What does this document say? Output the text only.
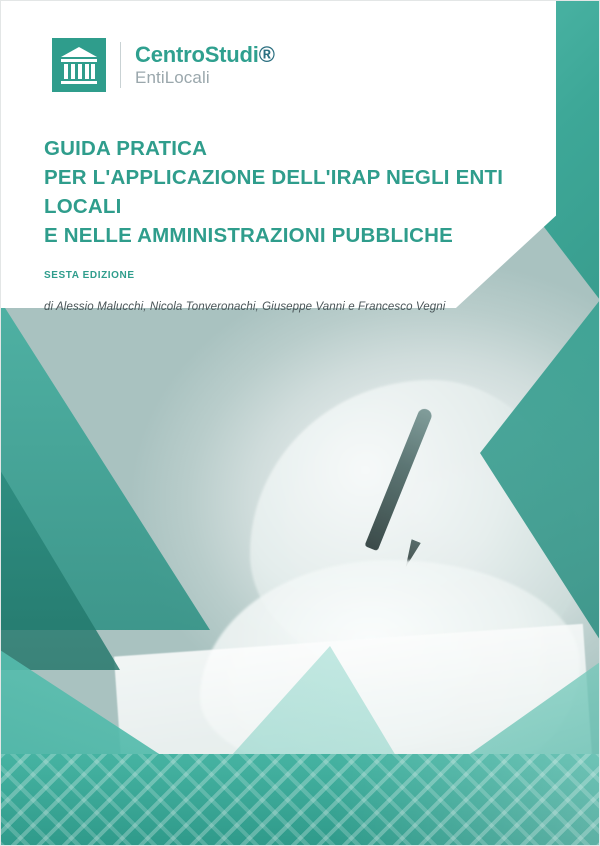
CentroStudi®
EntiLocali
GUIDA PRATICA
PER L'APPLICAZIONE DELL'IRAP NEGLI ENTI LOCALI
E NELLE AMMINISTRAZIONI PUBBLICHE
SESTA EDIZIONE
di Alessio Malucchi, Nicola Tonveronachi, Giuseppe Vanni e Francesco Vegni
